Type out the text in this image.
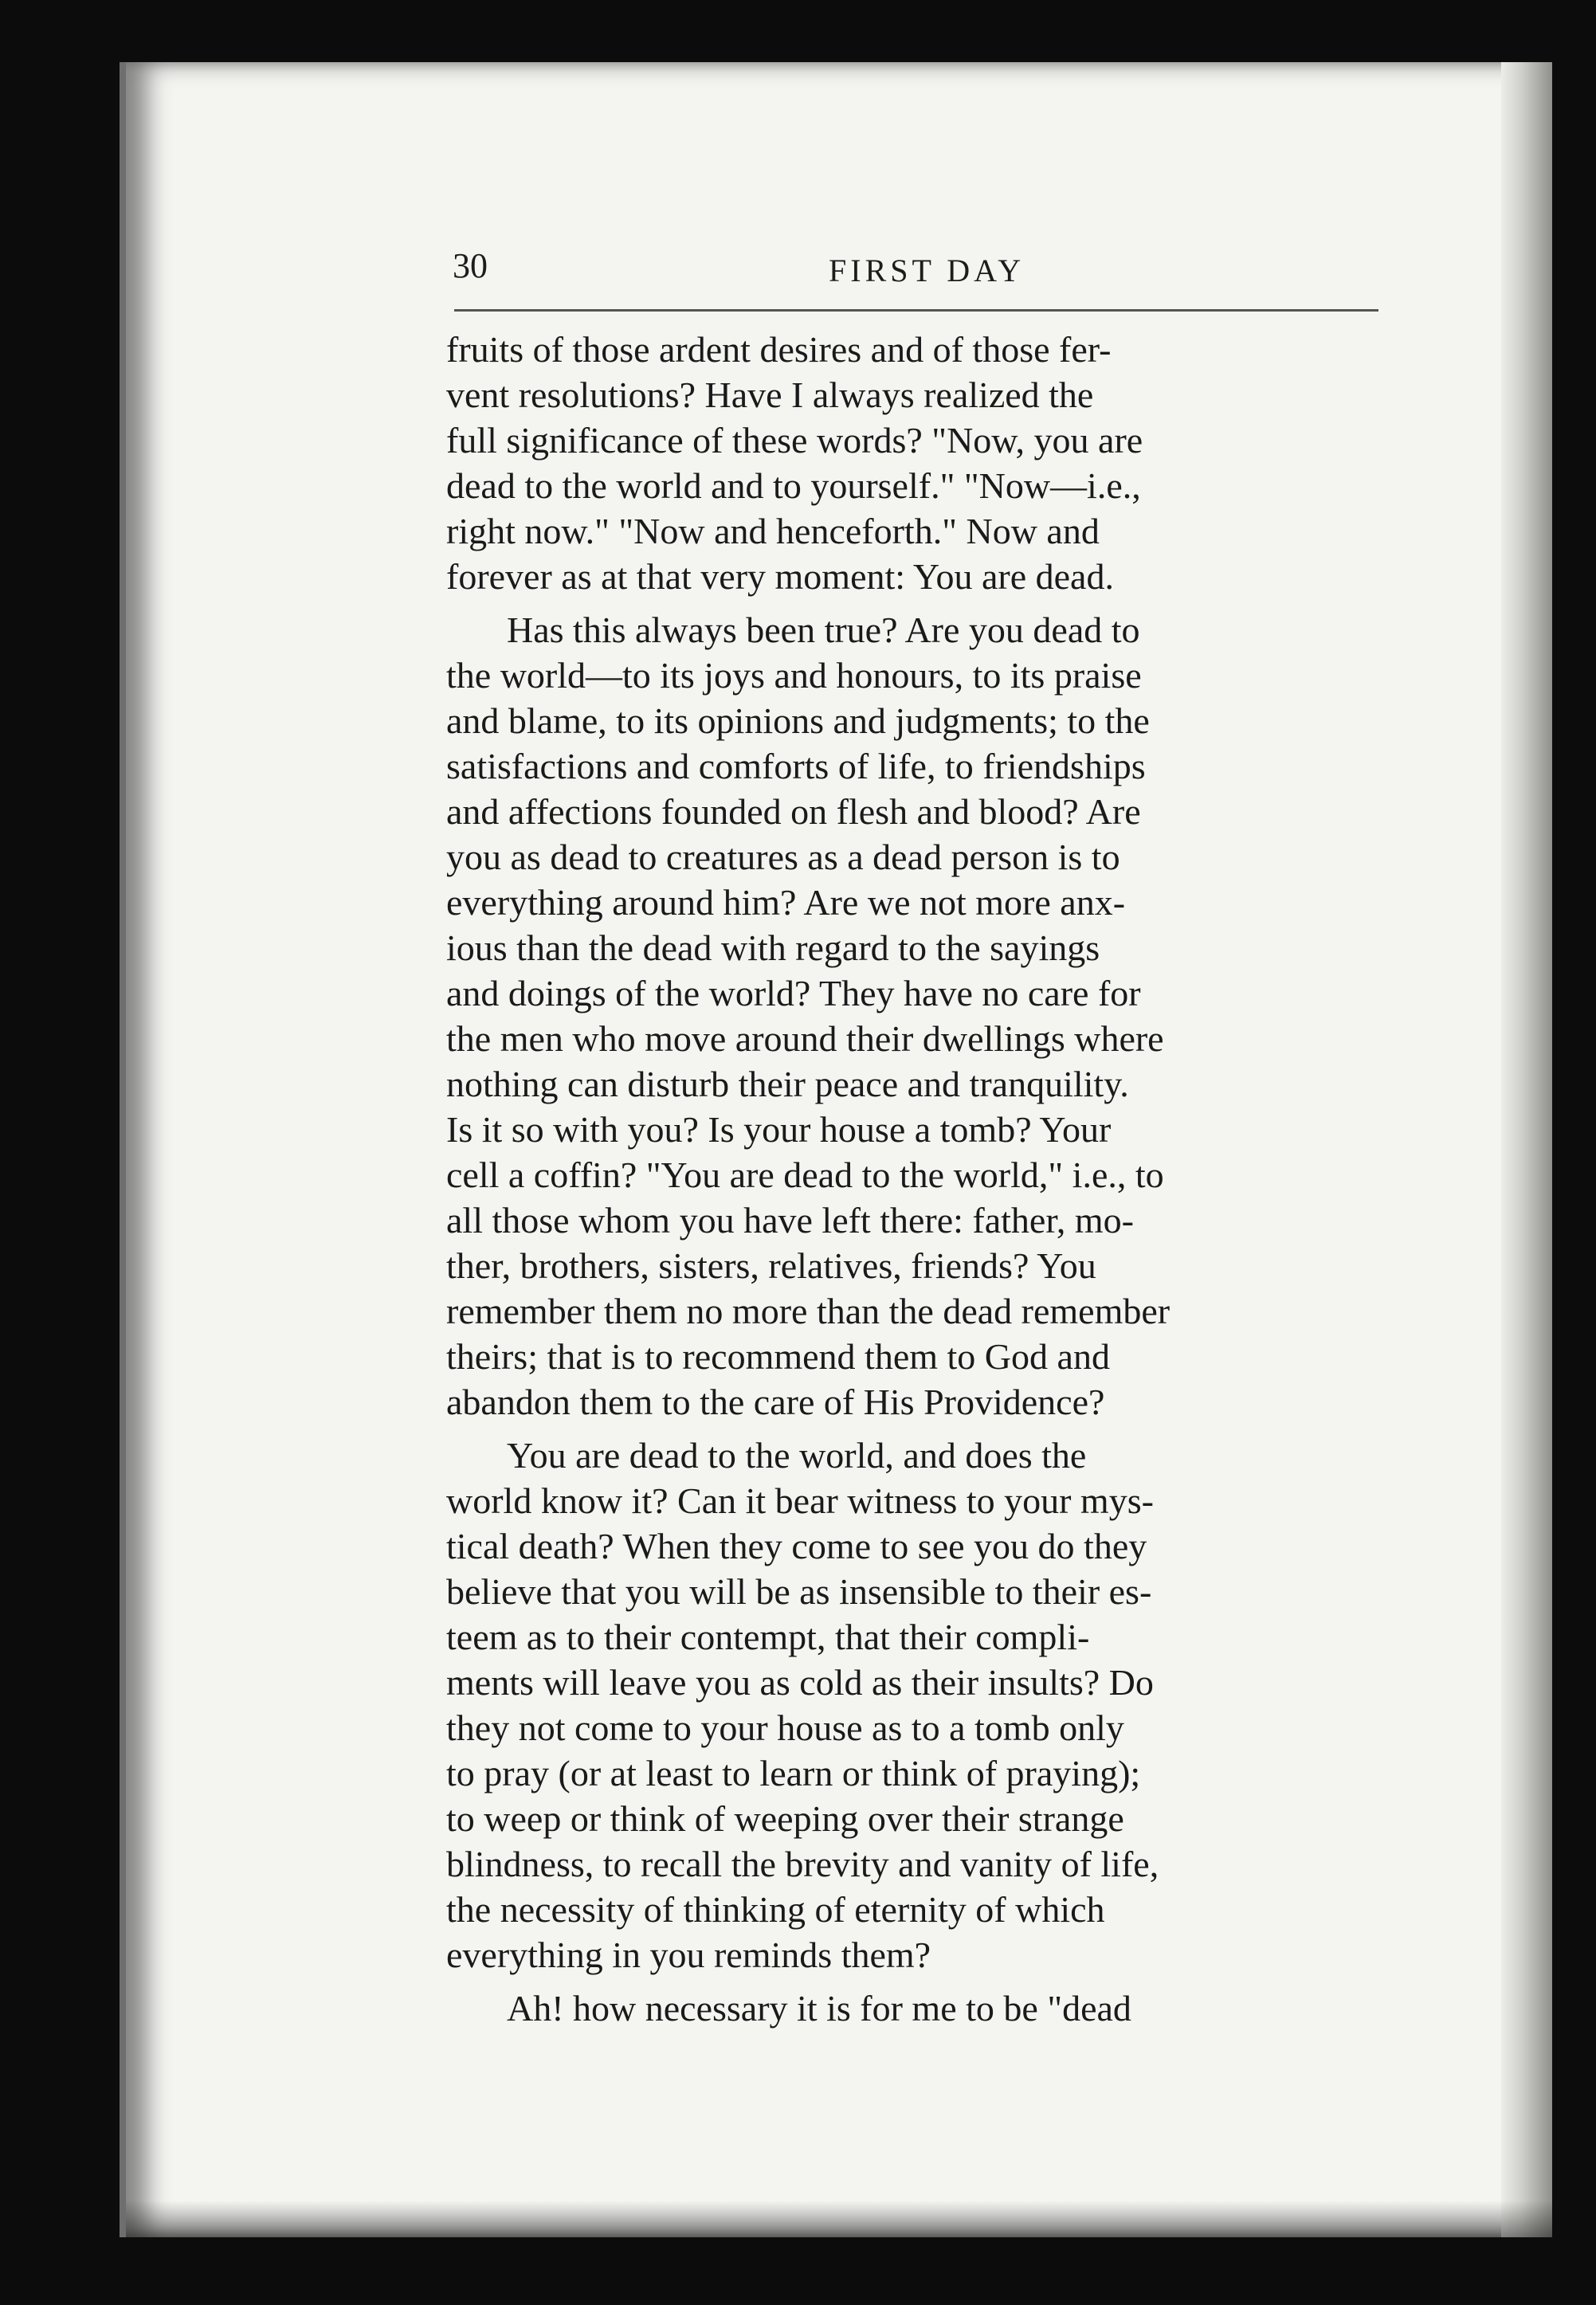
30	FIRST DAY

fruits of those ardent desires and of those fer-
vent resolutions? Have I always realized the
full significance of these words? "Now, you are
dead to the world and to yourself." "Now—i.e.,
right now." "Now and henceforth." Now and
forever as at that very moment: You are dead.

Has this always been true? Are you dead to
the world—to its joys and honours, to its praise
and blame, to its opinions and judgments; to the
satisfactions and comforts of life, to friendships
and affections founded on flesh and blood? Are
you as dead to creatures as a dead person is to
everything around him? Are we not more anx-
ious than the dead with regard to the sayings
and doings of the world? They have no care for
the men who move around their dwellings where
nothing can disturb their peace and tranquility.
Is it so with you? Is your house a tomb? Your
cell a coffin? "You are dead to the world," i.e., to
all those whom you have left there: father, mo-
ther, brothers, sisters, relatives, friends? You
remember them no more than the dead remember
theirs; that is to recommend them to God and
abandon them to the care of His Providence?

You are dead to the world, and does the
world know it? Can it bear witness to your mys-
tical death? When they come to see you do they
believe that you will be as insensible to their es-
teem as to their contempt, that their compli-
ments will leave you as cold as their insults? Do
they not come to your house as to a tomb only
to pray (or at least to learn or think of praying);
to weep or think of weeping over their strange
blindness, to recall the brevity and vanity of life,
the necessity of thinking of eternity of which
everything in you reminds them?

Ah! how necessary it is for me to be "dead
